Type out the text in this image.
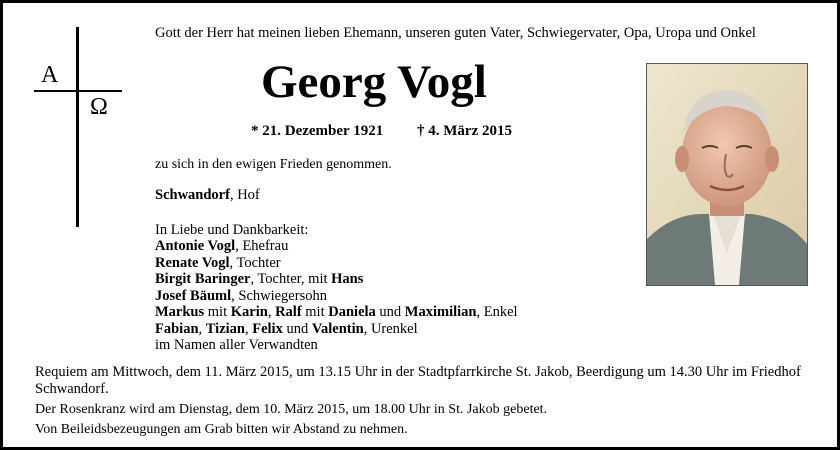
A
Ω
Gott der Herr hat meinen lieben Ehemann, unseren guten Vater, Schwiegervater, Opa, Uropa und Onkel
Georg Vogl
* 21. Dezember 1921 † 4. März 2015
zu sich in den ewigen Frieden genommen.
Schwandorf, Hof
In Liebe und Dankbarkeit:
Antonie Vogl, Ehefrau
Renate Vogl, Tochter
Birgit Baringer, Tochter, mit Hans
Josef Bäuml, Schwiegersohn
Markus mit Karin, Ralf mit Daniela und Maximilian, Enkel
Fabian, Tizian, Felix und Valentin, Urenkel
im Namen aller Verwandten
Requiem am Mittwoch, dem 11. März 2015, um 13.15 Uhr in der Stadtpfarrkirche St. Jakob, Beerdigung um 14.30 Uhr im Friedhof Schwandorf.
Der Rosenkranz wird am Dienstag, dem 10. März 2015, um 18.00 Uhr in St. Jakob gebetet.
Von Beileidsbezeugungen am Grab bitten wir Abstand zu nehmen.
